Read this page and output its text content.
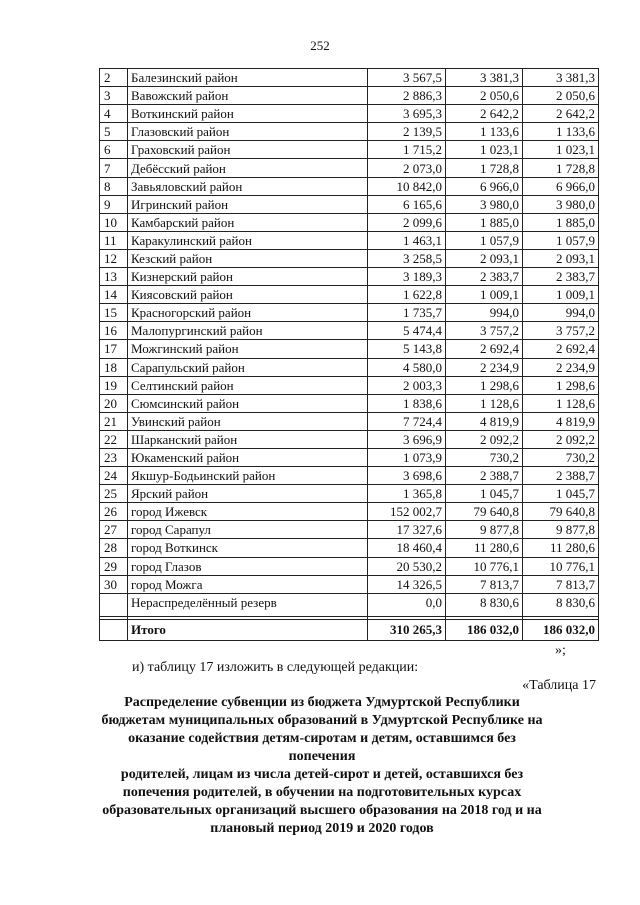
252
2	Балезинский район	3 567,5	3 381,3	3 381,3
3	Вавожский район	2 886,3	2 050,6	2 050,6
4	Воткинский район	3 695,3	2 642,2	2 642,2
5	Глазовский район	2 139,5	1 133,6	1 133,6
6	Граховский район	1 715,2	1 023,1	1 023,1
7	Дебёсский район	2 073,0	1 728,8	1 728,8
8	Завьяловский район	10 842,0	6 966,0	6 966,0
9	Игринский район	6 165,6	3 980,0	3 980,0
10	Камбарский район	2 099,6	1 885,0	1 885,0
11	Каракулинский район	1 463,1	1 057,9	1 057,9
12	Кезский район	3 258,5	2 093,1	2 093,1
13	Кизнерский район	3 189,3	2 383,7	2 383,7
14	Киясовский район	1 622,8	1 009,1	1 009,1
15	Красногорский район	1 735,7	994,0	994,0
16	Малопургинский район	5 474,4	3 757,2	3 757,2
17	Можгинский район	5 143,8	2 692,4	2 692,4
18	Сарапульский район	4 580,0	2 234,9	2 234,9
19	Селтинский район	2 003,3	1 298,6	1 298,6
20	Сюмсинский район	1 838,6	1 128,6	1 128,6
21	Увинский район	7 724,4	4 819,9	4 819,9
22	Шарканский район	3 696,9	2 092,2	2 092,2
23	Юкаменский район	1 073,9	730,2	730,2
24	Якшур-Бодьинский район	3 698,6	2 388,7	2 388,7
25	Ярский район	1 365,8	1 045,7	1 045,7
26	город Ижевск	152 002,7	79 640,8	79 640,8
27	город Сарапул	17 327,6	9 877,8	9 877,8
28	город Воткинск	18 460,4	11 280,6	11 280,6
29	город Глазов	20 530,2	10 776,1	10 776,1
30	город Можга	14 326,5	7 813,7	7 813,7
	Нераспределённый резерв	0,0	8 830,6	8 830,6

	Итого	310 265,3	186 032,0	186 032,0
»;
и) таблицу 17 изложить в следующей редакции:
«Таблица 17
Распределение субвенции из бюджета Удмуртской Республики
бюджетам муниципальных образований в Удмуртской Республике на
оказание содействия детям-сиротам и детям, оставшимся без попечения
родителей, лицам из числа детей-сирот и детей, оставшихся без
попечения родителей, в обучении на подготовительных курсах
образовательных организаций высшего образования на 2018 год и на
плановый период 2019 и 2020 годов
